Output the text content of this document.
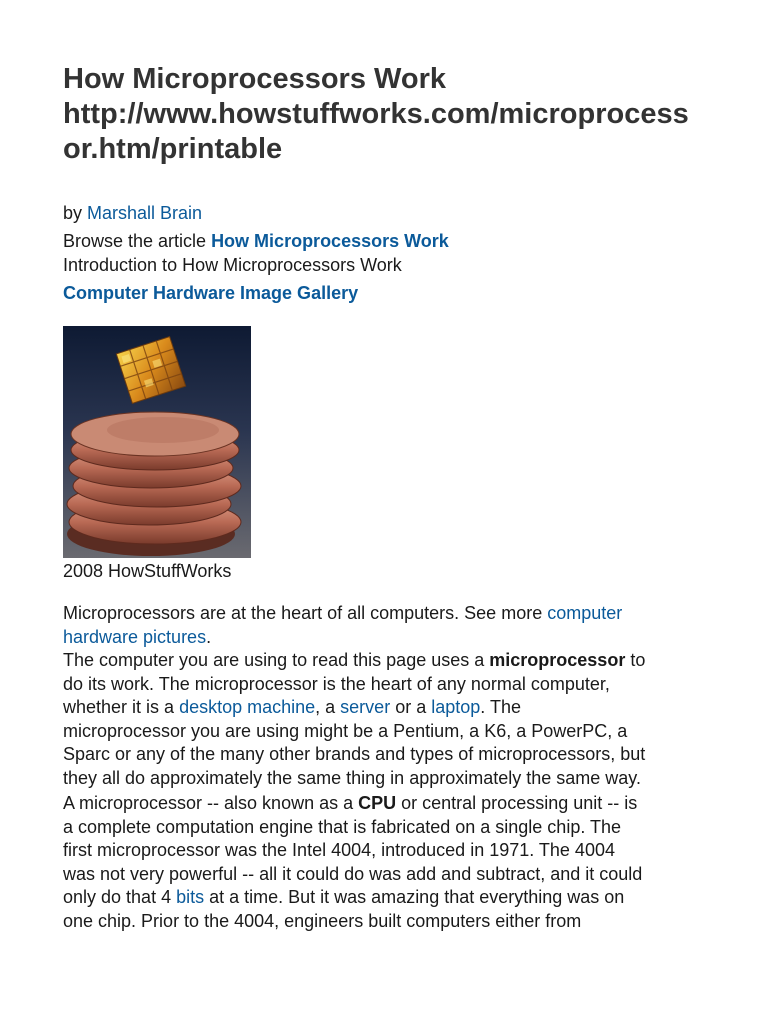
How Microprocessors Work
http://www.howstuffworks.com/microprocess
or.htm/printable
by Marshall Brain
Browse the article How Microprocessors Work
Introduction to How Microprocessors Work
Computer Hardware Image Gallery
2008 HowStuffWorks
Microprocessors are at the heart of all computers. See more computer
hardware pictures.
The computer you are using to read this page uses a microprocessor to
do its work. The microprocessor is the heart of any normal computer,
whether it is a desktop machine, a server or a laptop. The
microprocessor you are using might be a Pentium, a K6, a PowerPC, a
Sparc or any of the many other brands and types of microprocessors, but
they all do approximately the same thing in approximately the same way.
A microprocessor -- also known as a CPU or central processing unit -- is
a complete computation engine that is fabricated on a single chip. The
first microprocessor was the Intel 4004, introduced in 1971. The 4004
was not very powerful -- all it could do was add and subtract, and it could
only do that 4 bits at a time. But it was amazing that everything was on
one chip. Prior to the 4004, engineers built computers either from
